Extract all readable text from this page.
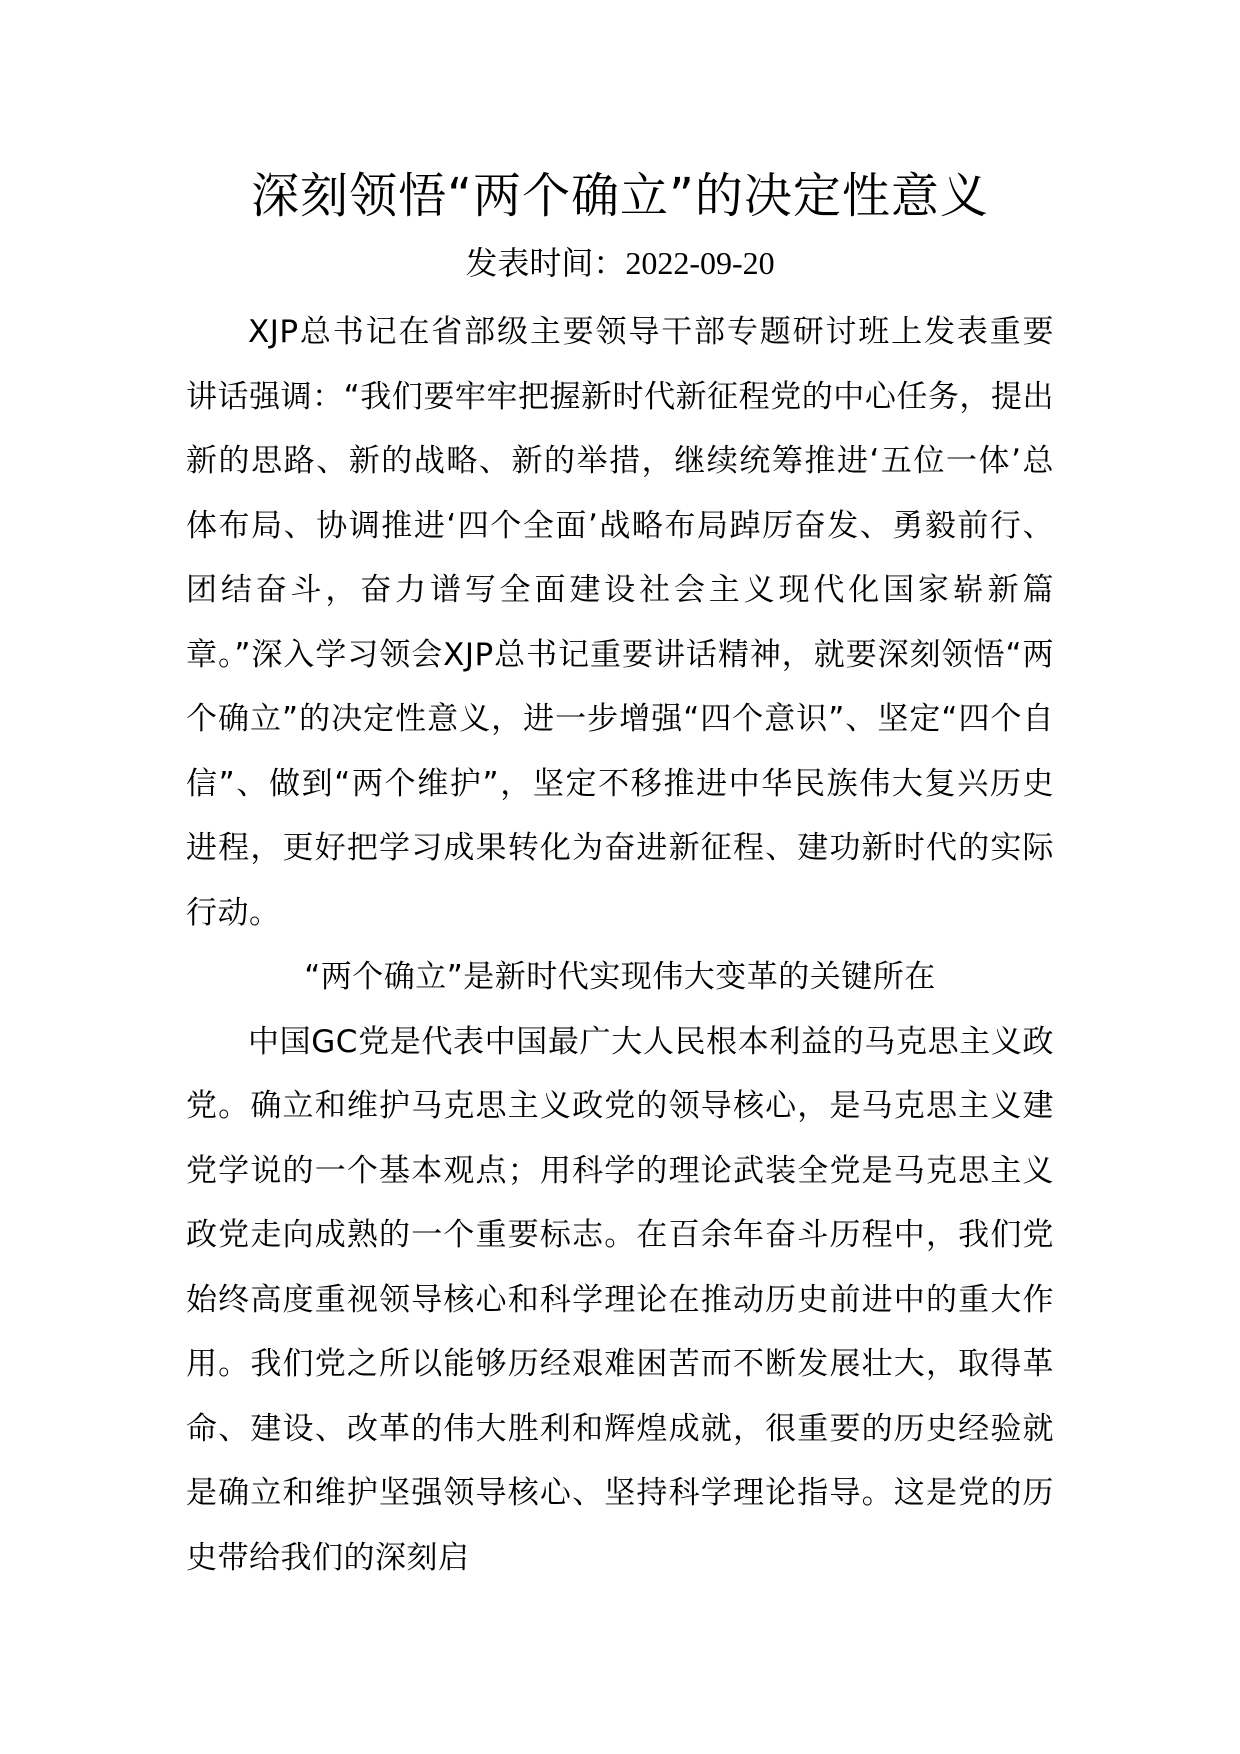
深刻领悟“两个确立”的决定性意义
发表时间：2022-09-20

XJP总书记在省部级主要领导干部专题研讨班上发表重要讲话强调：“我们要牢牢把握新时代新征程党的中心任务，提出新的思路、新的战略、新的举措，继续统筹推进‘五位一体’总体布局、协调推进‘四个全面’战略布局踔厉奋发、勇毅前行、团结奋斗，奋力谱写全面建设社会主义现代化国家崭新篇章。”深入学习领会XJP总书记重要讲话精神，就要深刻领悟“两个确立”的决定性意义，进一步增强“四个意识”、坚定“四个自信”、做到“两个维护”，坚定不移推进中华民族伟大复兴历史进程，更好把学习成果转化为奋进新征程、建功新时代的实际行动。

“两个确立”是新时代实现伟大变革的关键所在

中国GC党是代表中国最广大人民根本利益的马克思主义政党。确立和维护马克思主义政党的领导核心，是马克思主义建党学说的一个基本观点；用科学的理论武装全党是马克思主义政党走向成熟的一个重要标志。在百余年奋斗历程中，我们党始终高度重视领导核心和科学理论在推动历史前进中的重大作用。我们党之所以能够历经艰难困苦而不断发展壮大，取得革命、建设、改革的伟大胜利和辉煌成就，很重要的历史经验就是确立和维护坚强领导核心、坚持科学理论指导。这是党的历史带给我们的深刻启
